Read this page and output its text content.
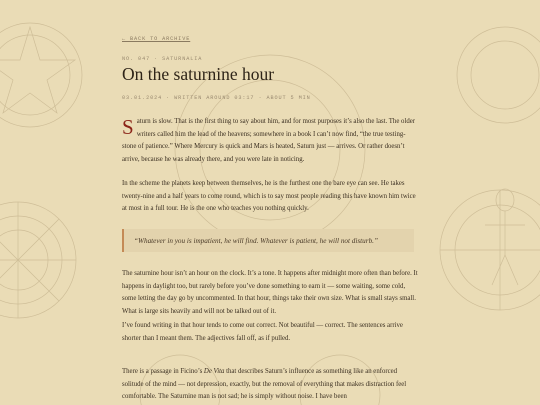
← BACK TO ARCHIVE
NO. 047 · SATURNALIA
On the saturnine hour
03.01.2024 · WRITTEN AROUND 03:17 · ABOUT 5 MIN
Saturn is slow. That is the first thing to say about him, and for most purposes it’s also the last. The older writers called him the lead of the heavens; somewhere in a book I can’t now find, “the true testing-stone of patience.” Where Mercury is quick and Mars is heated, Saturn just — arrives. Or rather doesn’t arrive, because he was already there, and you were late in noticing.
In the scheme the planets keep between themselves, he is the furthest one the bare eye can see. He takes twenty-nine and a half years to come round, which is to say most people reading this have known him twice at most in a full tour. He is the one who teaches you nothing quickly.
“Whatever in you is impatient, he will find. Whatever is patient, he will not disturb.”
The saturnine hour isn’t an hour on the clock. It’s a tone. It happens after midnight more often than before. It happens in daylight too, but rarely before you’ve done something to earn it — some waiting, some cold, some letting the day go by uncommented. In that hour, things take their own size. What is small stays small. What is large sits heavily and will not be talked out of it.
I’ve found writing in that hour tends to come out correct. Not beautiful — correct. The sentences arrive shorter than I meant them. The adjectives fall off, as if pulled.
There is a passage in Ficino’s De Vita that describes Saturn’s influence as something like an enforced solitude of the mind — not depression, exactly, but the removal of everything that makes distraction feel comfortable. The Saturnine man is not sad; he is simply without noise. I have been
